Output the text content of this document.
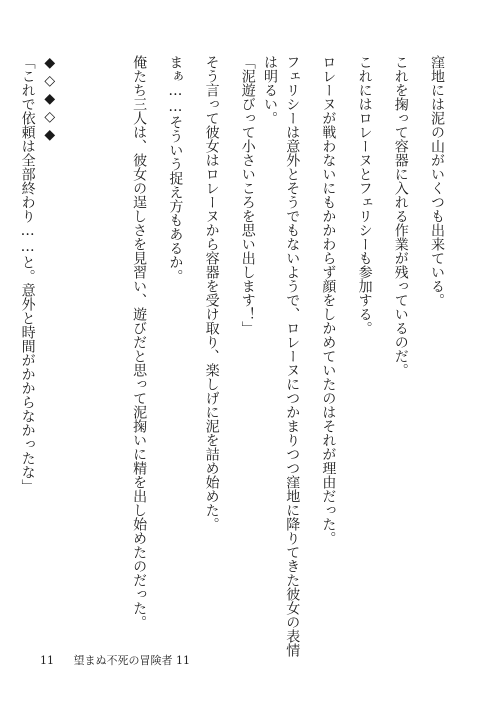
窪地には泥の山がいくつも出来ている。
これを掬って容器に入れる作業が残っているのだ。
これにはロレーヌとフェリシーも参加する。
ロレーヌが戦わないにもかかわらず顔をしかめていたのはそれが理由だった。
フェリシーは意外とそうでもないようで、ロレーヌにつかまりつつ窪地に降りてきた彼女の表情
は明るい。
「泥遊びって小さいころを思い出します！」
そう言って彼女はロレーヌから容器を受け取り、楽しげに泥を詰め始めた。
まぁ……そういう捉え方もあるか。
俺たち三人は、彼女の逞しさを見習い、遊びだと思って泥掬いに精を出し始めたのだった。
◆◇◆◇◆
「これで依頼は全部終わり……と。意外と時間がかからなかったな」
11 望まぬ不死の冒険者 11
